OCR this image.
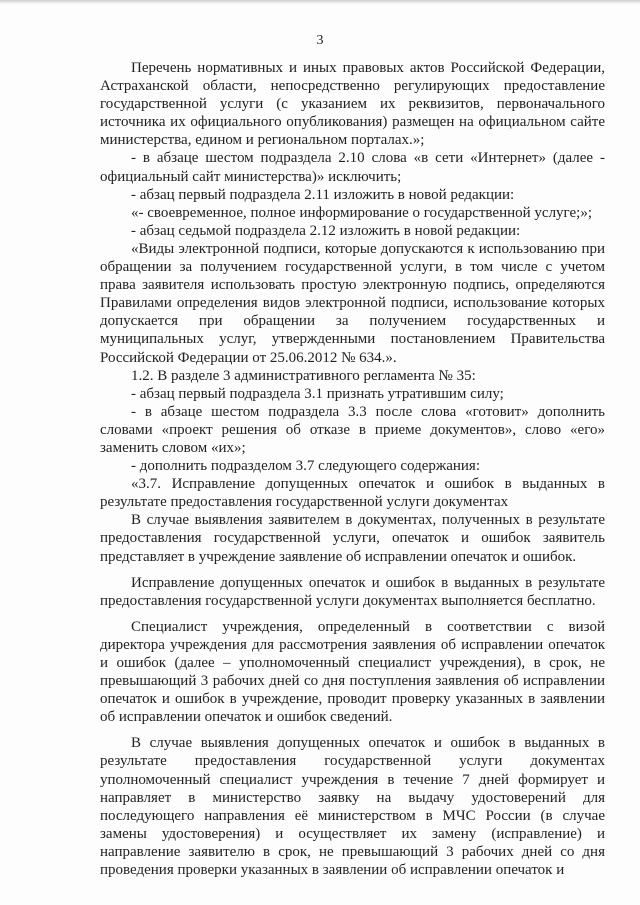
3

Перечень нормативных и иных правовых актов Российской Федерации, Астраханской области, непосредственно регулирующих предоставление государственной услуги (с указанием их реквизитов, первоначального источника их официального опубликования) размещен на официальном сайте министерства, едином и региональном порталах.»;

- в абзаце шестом подраздела 2.10 слова «в сети «Интернет» (далее - официальный сайт министерства)» исключить;

- абзац первый подраздела 2.11 изложить в новой редакции:

«- своевременное, полное информирование о государственной услуге;»;

- абзац седьмой подраздела 2.12 изложить в новой редакции:

«Виды электронной подписи, которые допускаются к использованию при обращении за получением государственной услуги, в том числе с учетом права заявителя использовать простую электронную подпись, определяются Правилами определения видов электронной подписи, использование которых допускается при обращении за получением государственных и муниципальных услуг, утвержденными постановлением Правительства Российской Федерации от 25.06.2012 № 634.».

1.2. В разделе 3 административного регламента № 35:

- абзац первый подраздела 3.1 признать утратившим силу;

- в абзаце шестом подраздела 3.3 после слова «готовит» дополнить словами «проект решения об отказе в приеме документов», слово «его» заменить словом «их»;

- дополнить подразделом 3.7 следующего содержания:

«3.7. Исправление допущенных опечаток и ошибок в выданных в результате предоставления государственной услуги документах

В случае выявления заявителем в документах, полученных в результате предоставления государственной услуги, опечаток и ошибок заявитель представляет в учреждение заявление об исправлении опечаток и ошибок.

Исправление допущенных опечаток и ошибок в выданных в результате предоставления государственной услуги документах выполняется бесплатно.

Специалист учреждения, определенный в соответствии с визой директора учреждения для рассмотрения заявления об исправлении опечаток и ошибок (далее – уполномоченный специалист учреждения), в срок, не превышающий 3 рабочих дней со дня поступления заявления об исправлении опечаток и ошибок в учреждение, проводит проверку указанных в заявлении об исправлении опечаток и ошибок сведений.

В случае выявления допущенных опечаток и ошибок в выданных в результате предоставления государственной услуги документах уполномоченный специалист учреждения в течение 7 дней формирует и направляет в министерство заявку на выдачу удостоверений для последующего направления её министерством в МЧС России (в случае замены удостоверения) и осуществляет их замену (исправление) и направление заявителю в срок, не превышающий 3 рабочих дней со дня проведения проверки указанных в заявлении об исправлении опечаток и
